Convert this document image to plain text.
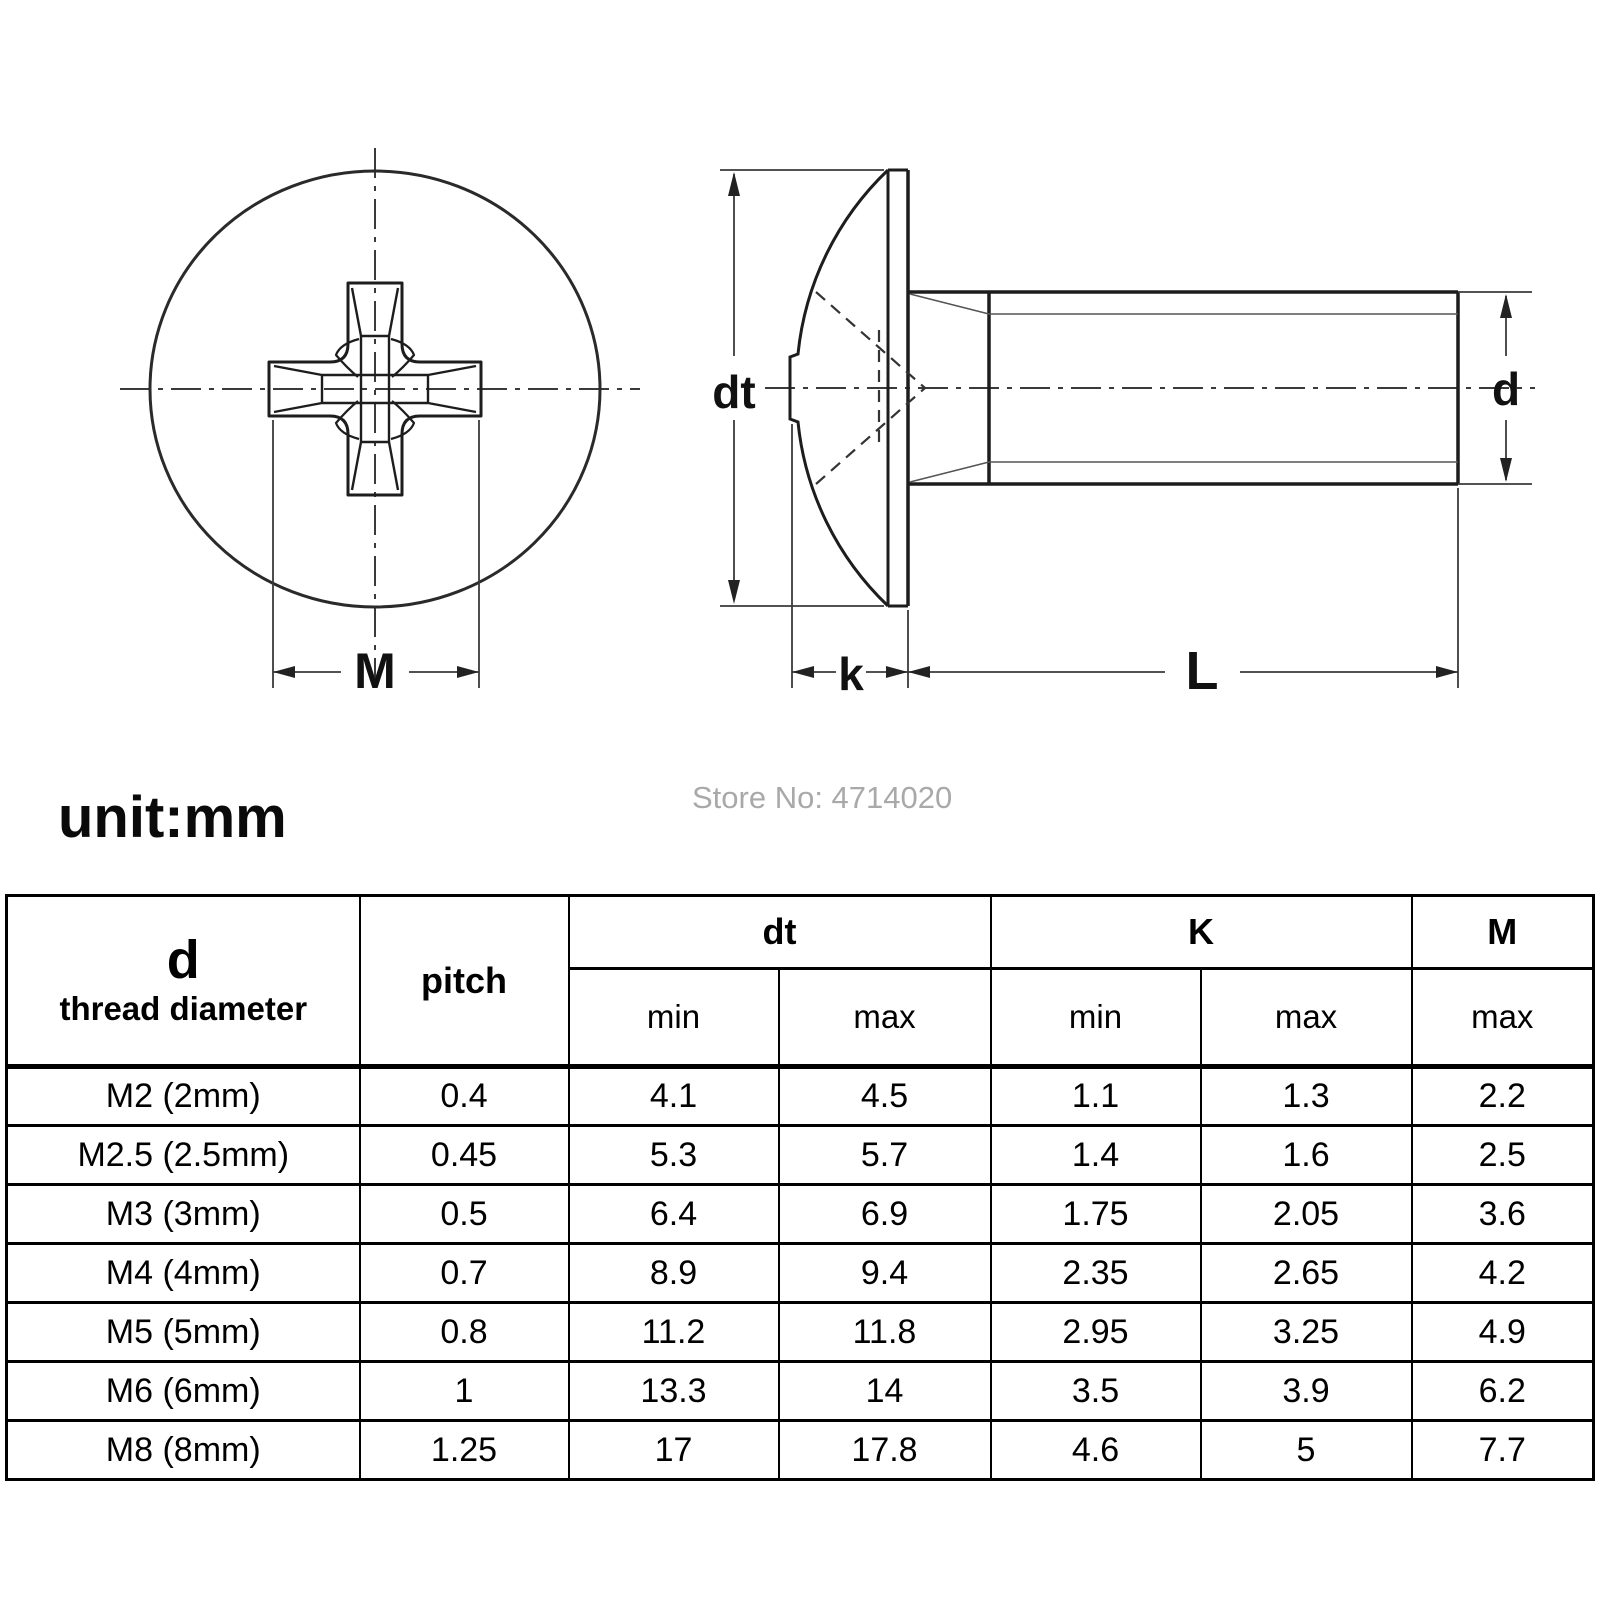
M
dt	d
k	L
unit:mm	Store No: 4714020
d
thread diameter	pitch	dt		K		M
		min	max	min	max	max
M2 (2mm)	0.4	4.1	4.5	1.1	1.3	2.2
M2.5 (2.5mm)	0.45	5.3	5.7	1.4	1.6	2.5
M3 (3mm)	0.5	6.4	6.9	1.75	2.05	3.6
M4 (4mm)	0.7	8.9	9.4	2.35	2.65	4.2
M5 (5mm)	0.8	11.2	11.8	2.95	3.25	4.9
M6 (6mm)	1	13.3	14	3.5	3.9	6.2
M8 (8mm)	1.25	17	17.8	4.6	5	7.7
